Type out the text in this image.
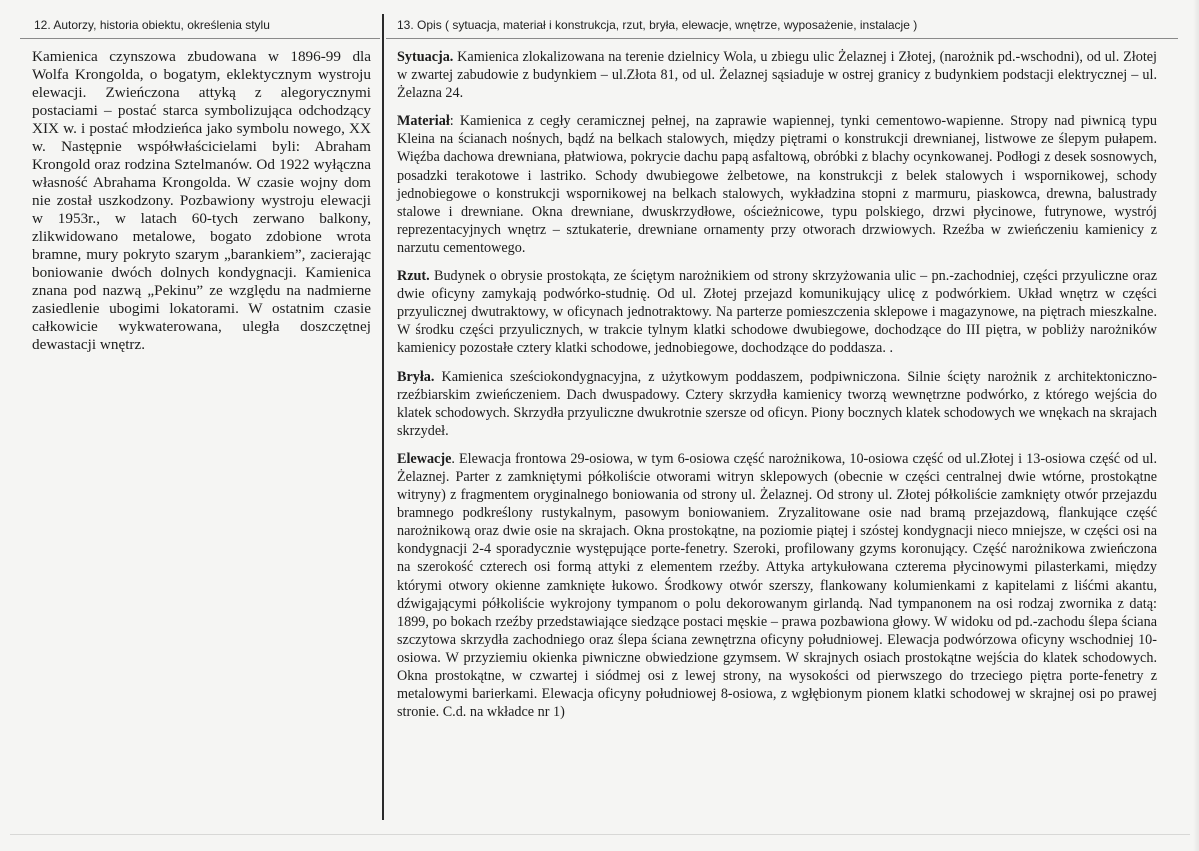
12. Autorzy, historia obiektu, określenia stylu	13. Opis ( sytuacja, materiał i konstrukcja, rzut, bryła, elewacje, wnętrze, wyposażenie, instalacje )
Kamienica czynszowa zbudowana w 1896-99 dla Wolfa Krongolda, o bogatym, eklektycznym wystroju elewacji. Zwieńczona attyką z alegorycznymi postaciami – postać starca symbolizująca odchodzący XIX w. i postać młodzieńca jako symbolu nowego, XX w. Następnie współwłaścicielami byli: Abraham Krongold oraz rodzina Sztelmanów. Od 1922 wyłączna własność Abrahama Krongolda. W czasie wojny dom nie został uszkodzony. Pozbawiony wystroju elewacji w 1953r., w latach 60-tych zerwano balkony, zlikwidowano metalowe, bogato zdobione wrota bramne, mury pokryto szarym „barankiem”, zacierając boniowanie dwóch dolnych kondygnacji. Kamienica znana pod nazwą „Pekinu” ze względu na nadmierne zasiedlenie ubogimi lokatorami. W ostatnim czasie całkowicie wykwaterowana, uległa doszczętnej dewastacji wnętrz.

Sytuacja. Kamienica zlokalizowana na terenie dzielnicy Wola, u zbiegu ulic Żelaznej i Złotej, (narożnik pd.-wschodni), od ul. Złotej w zwartej zabudowie z budynkiem – ul.Złota 81, od ul. Żelaznej sąsiaduje w ostrej granicy z budynkiem podstacji elektrycznej – ul. Żelazna 24.

Materiał: Kamienica z cegły ceramicznej pełnej, na zaprawie wapiennej, tynki cementowo-wapienne. Stropy nad piwnicą typu Kleina na ścianach nośnych, bądź na belkach stalowych, między piętrami o konstrukcji drewnianej, listwowe ze ślepym pułapem. Więźba dachowa drewniana, płatwiowa, pokrycie dachu papą asfaltową, obróbki z blachy ocynkowanej. Podłogi z desek sosnowych, posadzki terakotowe i lastriko. Schody dwubiegowe żelbetowe, na konstrukcji z belek stalowych i wspornikowej, schody jednobiegowe o konstrukcji wspornikowej na belkach stalowych, wykładzina stopni z marmuru, piaskowca, drewna, balustrady stalowe i drewniane. Okna drewniane, dwuskrzydłowe, ościeżnicowe, typu polskiego, drzwi płycinowe, futrynowe, wystrój reprezentacyjnych wnętrz – sztukaterie, drewniane ornamenty przy otworach drzwiowych. Rzeźba w zwieńczeniu kamienicy z narzutu cementowego.

Rzut. Budynek o obrysie prostokąta, ze ściętym narożnikiem od strony skrzyżowania ulic – pn.-zachodniej, części przyuliczne oraz dwie oficyny zamykają podwórko-studnię. Od ul. Złotej przejazd komunikujący ulicę z podwórkiem. Układ wnętrz w części przyulicznej dwutraktowy, w oficynach jednotraktowy. Na parterze pomieszczenia sklepowe i magazynowe, na piętrach mieszkalne. W środku części przyulicznych, w trakcie tylnym klatki schodowe dwubiegowe, dochodzące do III piętra, w pobliży narożników kamienicy pozostałe cztery klatki schodowe, jednobiegowe, dochodzące do poddasza. .

Bryła. Kamienica sześciokondygnacyjna, z użytkowym poddaszem, podpiwniczona. Silnie ścięty narożnik z architektoniczno-rzeźbiarskim zwieńczeniem. Dach dwuspadowy. Cztery skrzydła kamienicy tworzą wewnętrzne podwórko, z którego wejścia do klatek schodowych. Skrzydła przyuliczne dwukrotnie szersze od oficyn. Piony bocznych klatek schodowych we wnękach na skrajach skrzydeł.

Elewacje. Elewacja frontowa 29-osiowa, w tym 6-osiowa część narożnikowa, 10-osiowa część od ul.Złotej i 13-osiowa część od ul. Żelaznej. Parter z zamkniętymi półkoliście otworami witryn sklepowych (obecnie w części centralnej dwie wtórne, prostokątne witryny) z fragmentem oryginalnego boniowania od strony ul. Żelaznej. Od strony ul. Złotej półkoliście zamknięty otwór przejazdu bramnego podkreślony rustykalnym, pasowym boniowaniem. Zryzalitowane osie nad bramą przejazdową, flankujące część narożnikową oraz dwie osie na skrajach. Okna prostokątne, na poziomie piątej i szóstej kondygnacji nieco mniejsze, w części osi na kondygnacji 2-4 sporadycznie występujące porte-fenetry. Szeroki, profilowany gzyms koronujący. Część narożnikowa zwieńczona na szerokość czterech osi formą attyki z elementem rzeźby. Attyka artykułowana czterema płycinowymi pilasterkami, między którymi otwory okienne zamknięte łukowo. Środkowy otwór szerszy, flankowany kolumienkami z kapitelami z liśćmi akantu, dźwigającymi półkoliście wykrojony tympanom o polu dekorowanym girlandą. Nad tympanonem na osi rodzaj zwornika z datą: 1899, po bokach rzeźby przedstawiające siedzące postaci męskie – prawa pozbawiona głowy. W widoku od pd.-zachodu ślepa ściana szczytowa skrzydła zachodniego oraz ślepa ściana zewnętrzna oficyny południowej. Elewacja podwórzowa oficyny wschodniej 10-osiowa. W przyziemiu okienka piwniczne obwiedzione gzymsem. W skrajnych osiach prostokątne wejścia do klatek schodowych. Okna prostokątne, w czwartej i siódmej osi z lewej strony, na wysokości od pierwszego do trzeciego piętra porte-fenetry z metalowymi barierkami. Elewacja oficyny południowej 8-osiowa, z wgłębionym pionem klatki schodowej w skrajnej osi po prawej stronie. C.d. na wkładce nr 1)
